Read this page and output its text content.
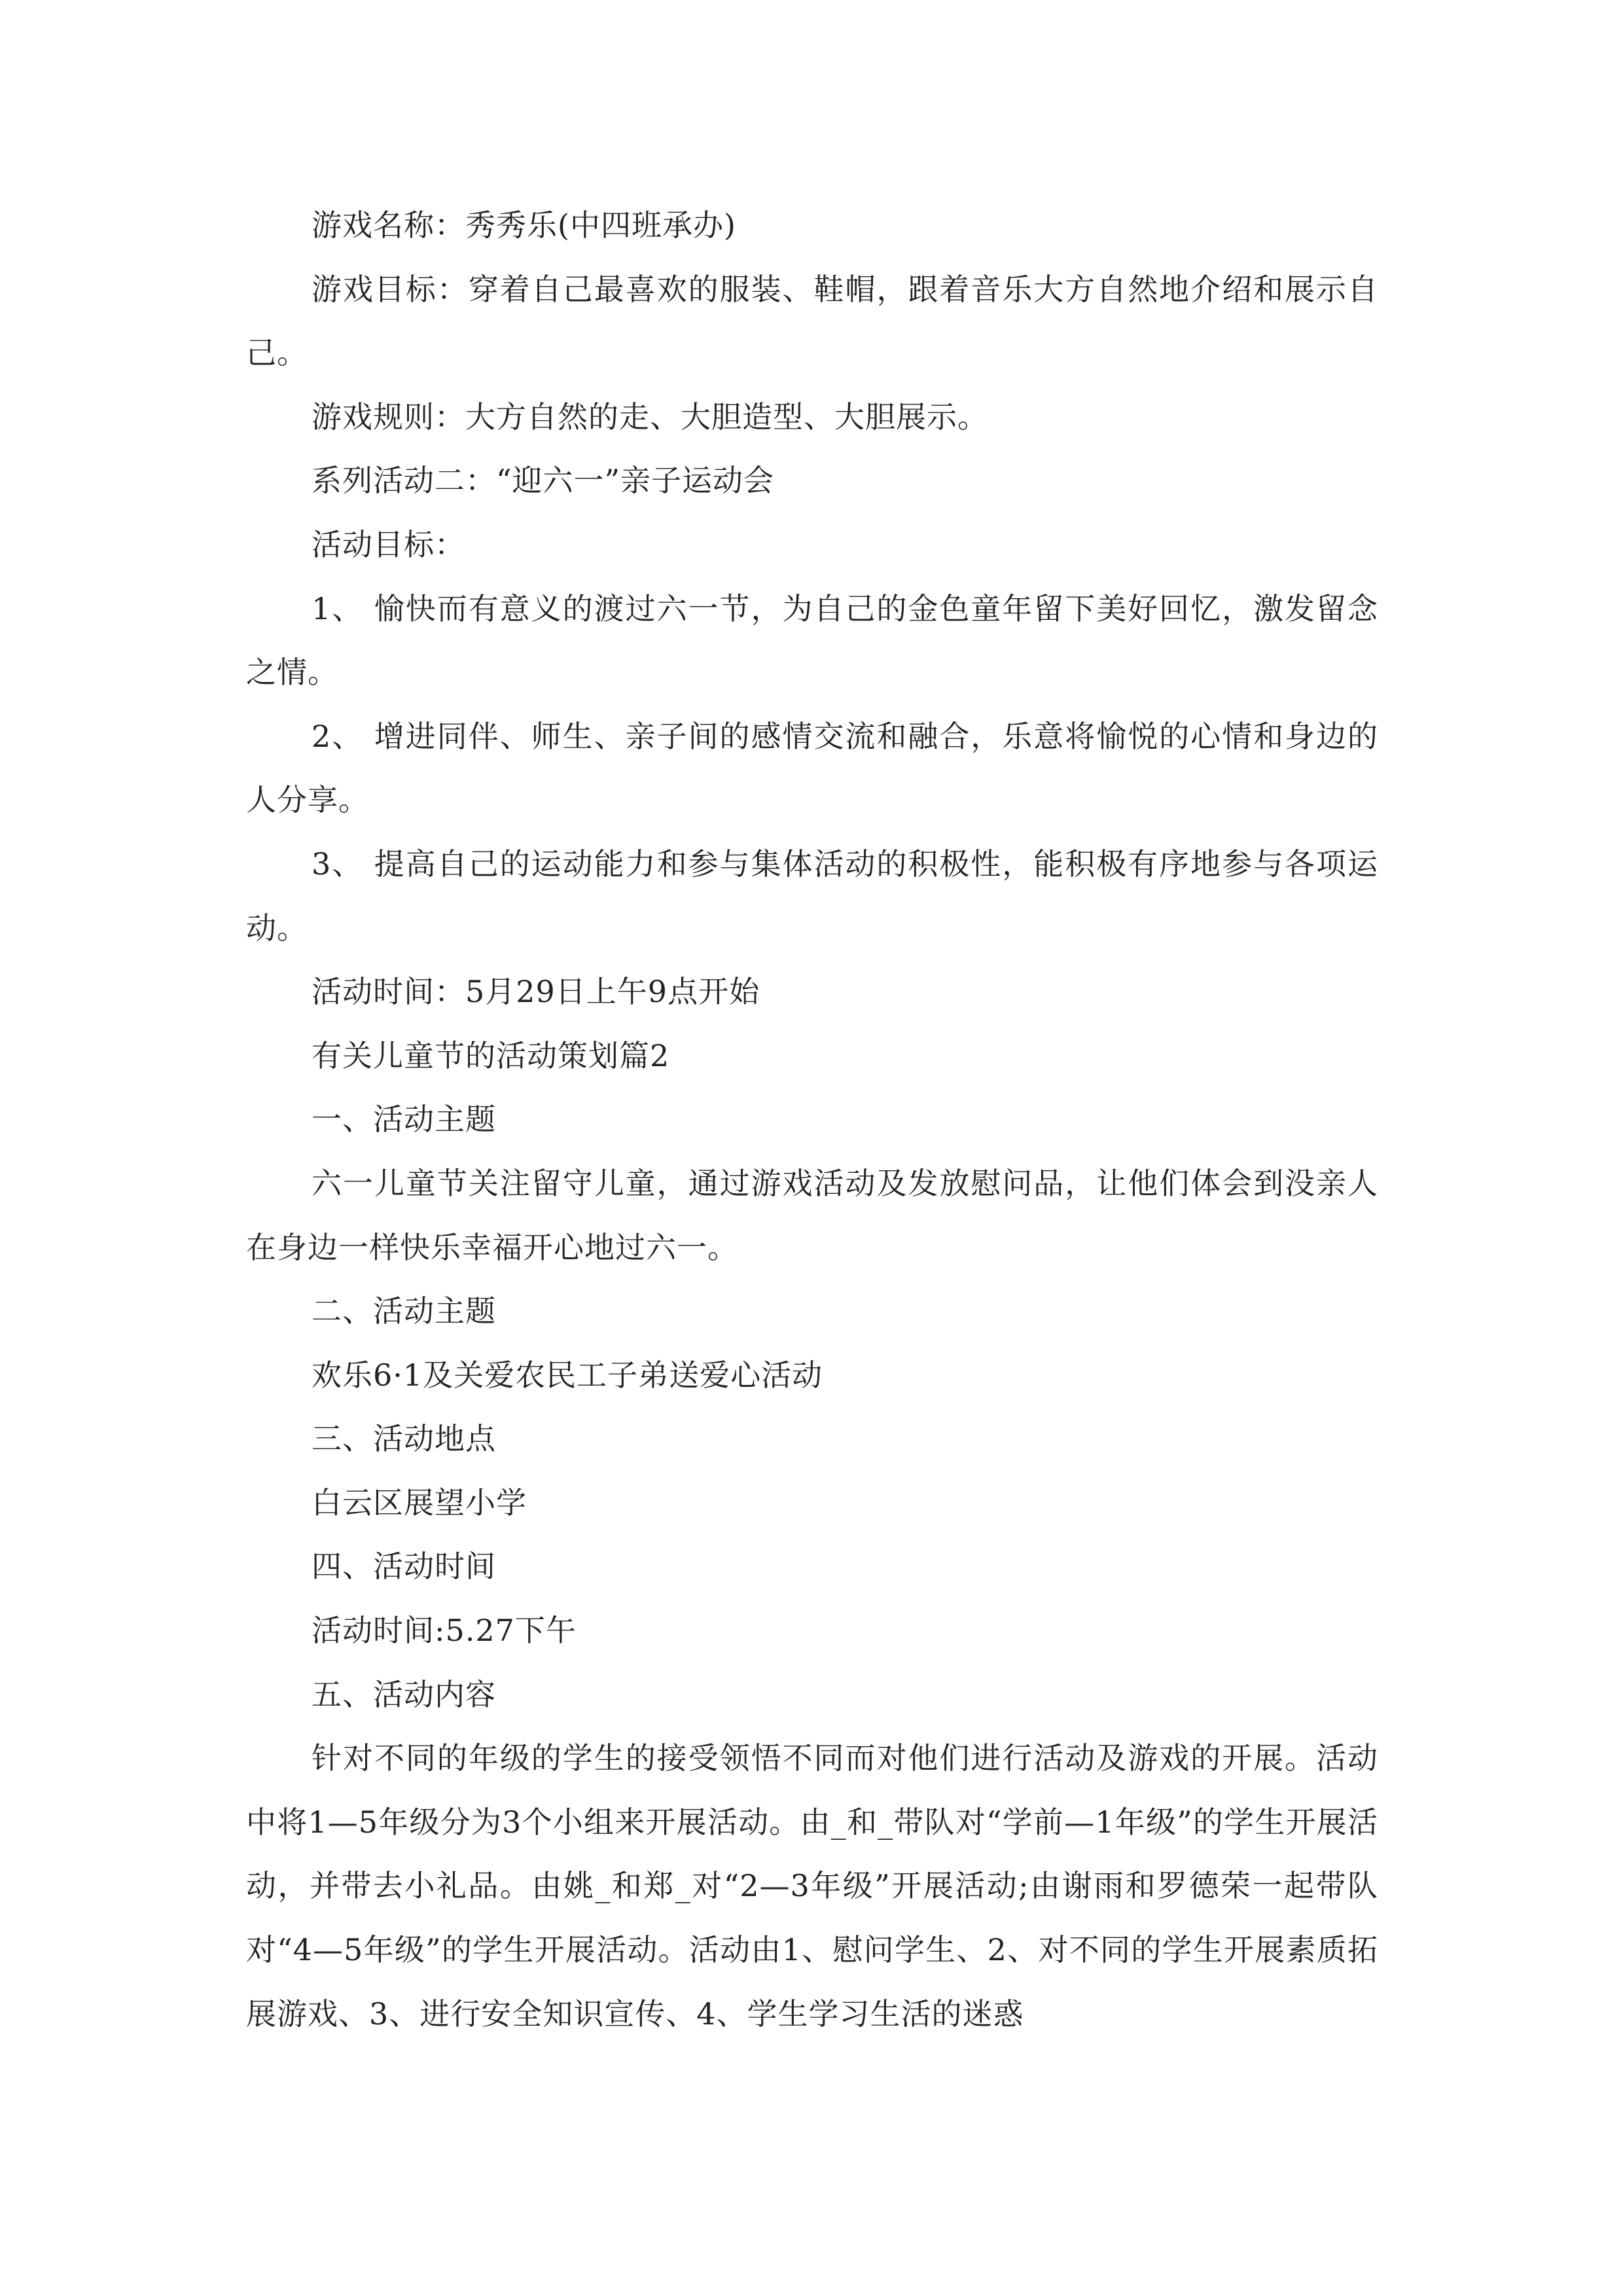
游戏名称：秀秀乐(中四班承办)

游戏目标：穿着自己最喜欢的服装、鞋帽，跟着音乐大方自然地介绍和展示自己。

游戏规则：大方自然的走、大胆造型、大胆展示。

系列活动二：“迎六一”亲子运动会

活动目标：

1、 愉快而有意义的渡过六一节，为自己的金色童年留下美好回忆，激发留念之情。

2、 增进同伴、师生、亲子间的感情交流和融合，乐意将愉悦的心情和身边的人分享。

3、 提高自己的运动能力和参与集体活动的积极性，能积极有序地参与各项运动。

活动时间：5月29日上午9点开始

有关儿童节的活动策划篇2

一、活动主题

六一儿童节关注留守儿童，通过游戏活动及发放慰问品，让他们体会到没亲人在身边一样快乐幸福开心地过六一。

二、活动主题

欢乐6·1及关爱农民工子弟送爱心活动

三、活动地点

白云区展望小学

四、活动时间

活动时间:5.27下午

五、活动内容

针对不同的年级的学生的接受领悟不同而对他们进行活动及游戏的开展。活动中将1—5年级分为3个小组来开展活动。由_和_带队对“学前—1年级”的学生开展活动，并带去小礼品。由姚_和郑_对“2—3年级”开展活动;由谢雨和罗德荣一起带队对“4—5年级”的学生开展活动。活动由1、慰问学生、2、对不同的学生开展素质拓展游戏、3、进行安全知识宣传、4、学生学习生活的迷惑
